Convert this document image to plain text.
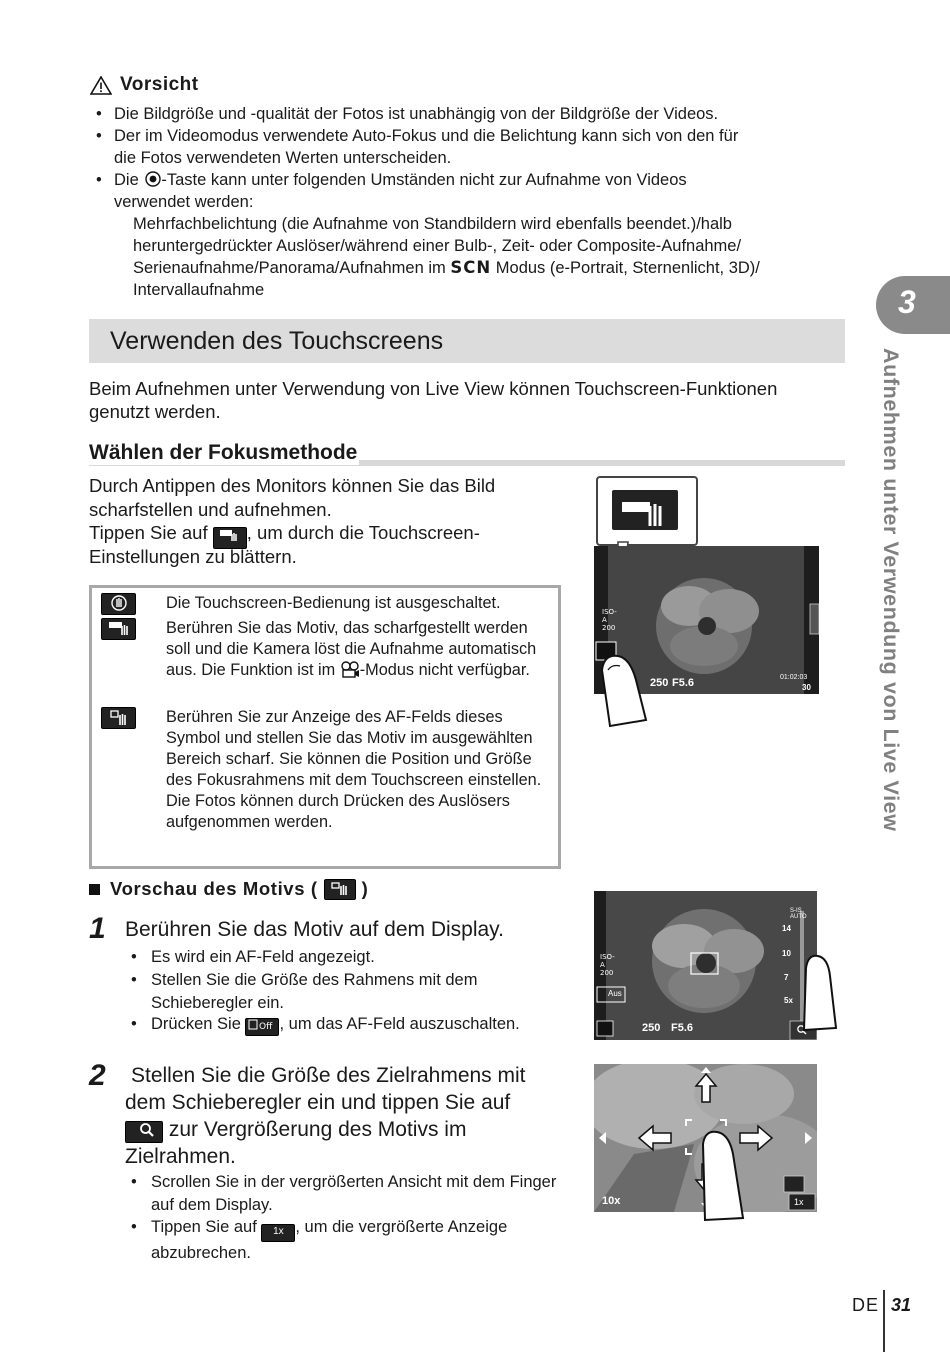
Vorsicht
• Die Bildgröße und -qualität der Fotos ist unabhängig von der Bildgröße der Videos.
• Der im Videomodus verwendete Auto-Fokus und die Belichtung kann sich von den für
die Fotos verwendeten Werten unterscheiden.
• Die -Taste kann unter folgenden Umständen nicht zur Aufnahme von Videos
verwendet werden:
Mehrfachbelichtung (die Aufnahme von Standbildern wird ebenfalls beendet.)/halb
heruntergedrückter Auslöser/während einer Bulb-, Zeit- oder Composite-Aufnahme/
Serienaufnahme/Panorama/Aufnahmen im SCN Modus (e-Portrait, Sternenlicht, 3D)/
Intervallaufnahme
Verwenden des Touchscreens
Beim Aufnehmen unter Verwendung von Live View können Touchscreen-Funktionen genutzt werden.
Wählen der Fokusmethode
Durch Antippen des Monitors können Sie das Bild scharfstellen und aufnehmen.
Tippen Sie auf , um durch die Touchscreen-
Einstellungen zu blättern.
Die Touchscreen-Bedienung ist ausgeschaltet.
Berühren Sie das Motiv, das scharfgestellt werden soll und die Kamera löst die Aufnahme automatisch aus. Die Funktion ist im -Modus nicht verfügbar.
Berühren Sie zur Anzeige des AF-Felds dieses Symbol und stellen Sie das Motiv im ausgewählten Bereich scharf. Sie können die Position und Größe des Fokusrahmens mit dem Touchscreen einstellen. Die Fotos können durch Drücken des Auslösers aufgenommen werden.
Vorschau des Motivs ( )
1 Berühren Sie das Motiv auf dem Display.
• Es wird ein AF-Feld angezeigt.
• Stellen Sie die Größe des Rahmens mit dem Schieberegler ein.
• Drücken Sie Off , um das AF-Feld auszuschalten.
2 Stellen Sie die Größe des Zielrahmens mit dem Schieberegler ein und tippen Sie auf  zur Vergrößerung des Motivs im Zielrahmen.
• Scrollen Sie in der vergrößerten Ansicht mit dem Finger auf dem Display.
• Tippen Sie auf 1x , um die vergrößerte Anzeige abzubrechen.
ISO-A 200
250 F5.6	01:02:03
30
ISO-A 200
Aus
250 F5.6
S-IS AUTO
14
10
7
5x
10x	1x
3
Aufnehmen unter Verwendung von Live View
DE 31
